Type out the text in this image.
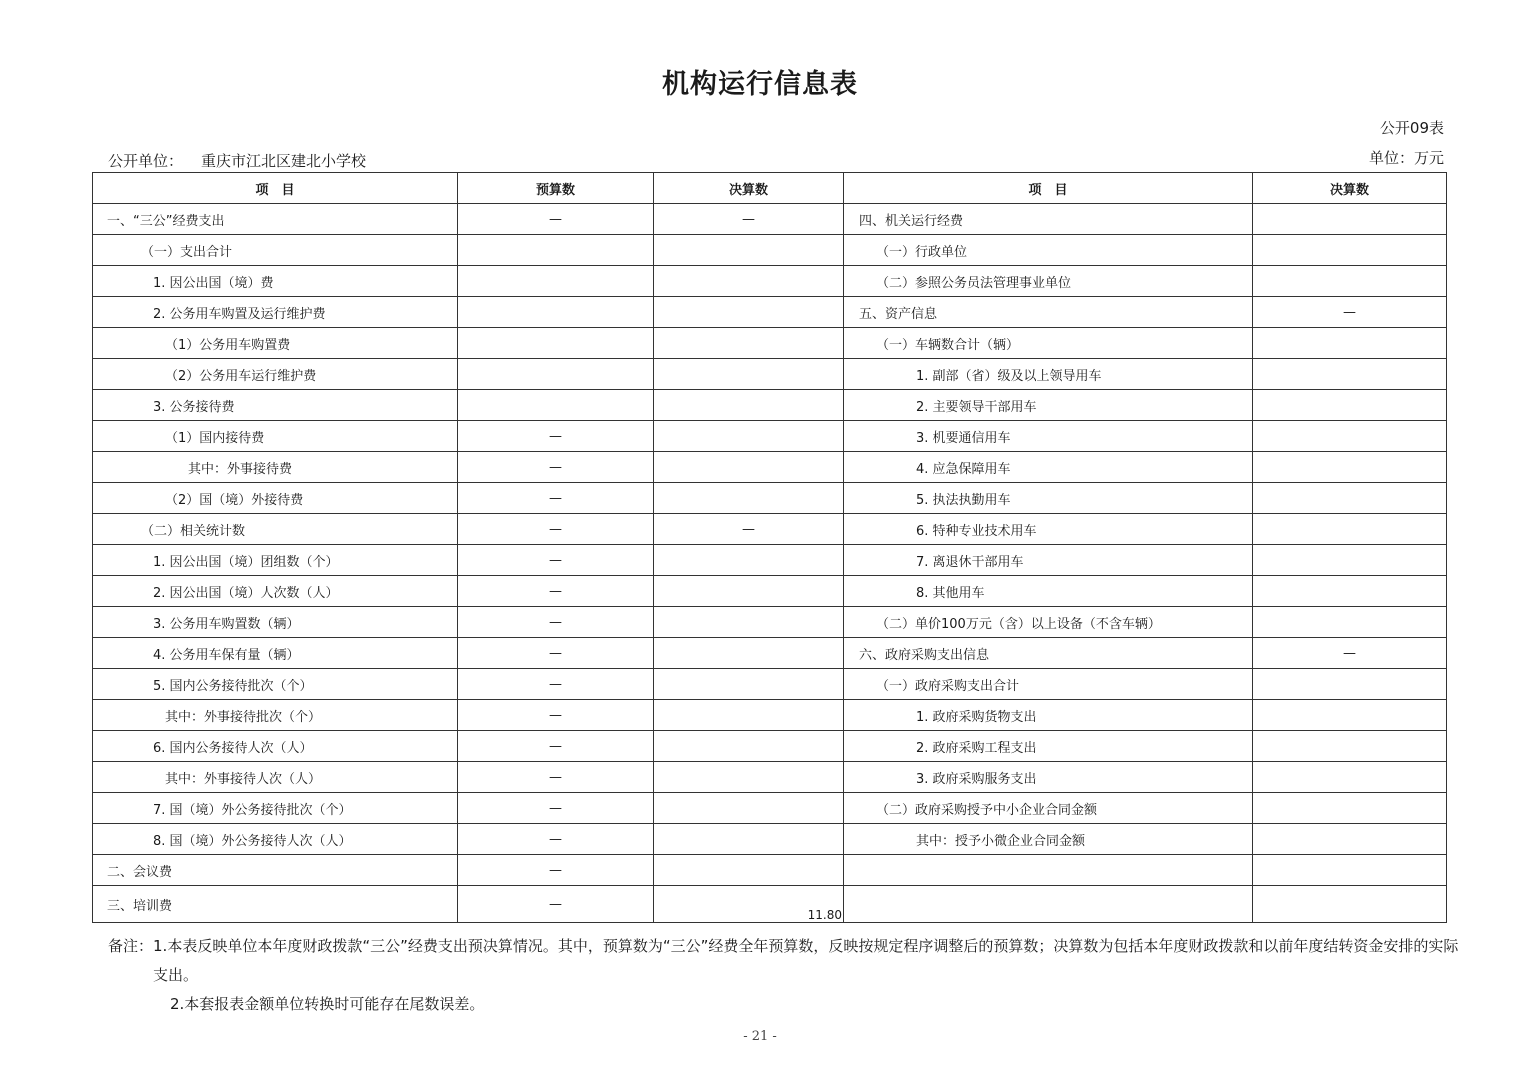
机构运行信息表
公开09表
公开单位： 重庆市江北区建北小学校	单位：万元
项　目	预算数	决算数	项　目	决算数
一、“三公”经费支出	—	—	四、机关运行经费	
（一）支出合计			（一）行政单位	
1. 因公出国（境）费			（二）参照公务员法管理事业单位	
2. 公务用车购置及运行维护费			五、资产信息	—
（1）公务用车购置费			（一）车辆数合计（辆）	
（2）公务用车运行维护费			1. 副部（省）级及以上领导用车	
3. 公务接待费			2. 主要领导干部用车	
（1）国内接待费	—		3. 机要通信用车	
其中：外事接待费	—		4. 应急保障用车	
（2）国（境）外接待费	—		5. 执法执勤用车	
（二）相关统计数	—	—	6. 特种专业技术用车	
1. 因公出国（境）团组数（个）	—		7. 离退休干部用车	
2. 因公出国（境）人次数（人）	—		8. 其他用车	
3. 公务用车购置数（辆）	—		（二）单价100万元（含）以上设备（不含车辆）	
4. 公务用车保有量（辆）	—		六、政府采购支出信息	—
5. 国内公务接待批次（个）	—		（一）政府采购支出合计	
其中：外事接待批次（个）	—		1. 政府采购货物支出	
6. 国内公务接待人次（人）	—		2. 政府采购工程支出	
其中：外事接待人次（人）	—		3. 政府采购服务支出	
7. 国（境）外公务接待批次（个）	—		（二）政府采购授予中小企业合同金额	
8. 国（境）外公务接待人次（人）	—		其中：授予小微企业合同金额	
二、会议费	—			
三、培训费	—	11.80		
备注： 1.本表反映单位本年度财政拨款“三公”经费支出预决算情况。其中，预算数为“三公”经费全年预算数，反映按规定程序调整后的预算数；决算数为包括本年度财政拨款和以前年度结转资金安排的实际支出。
2.本套报表金额单位转换时可能存在尾数误差。
- 21 -
